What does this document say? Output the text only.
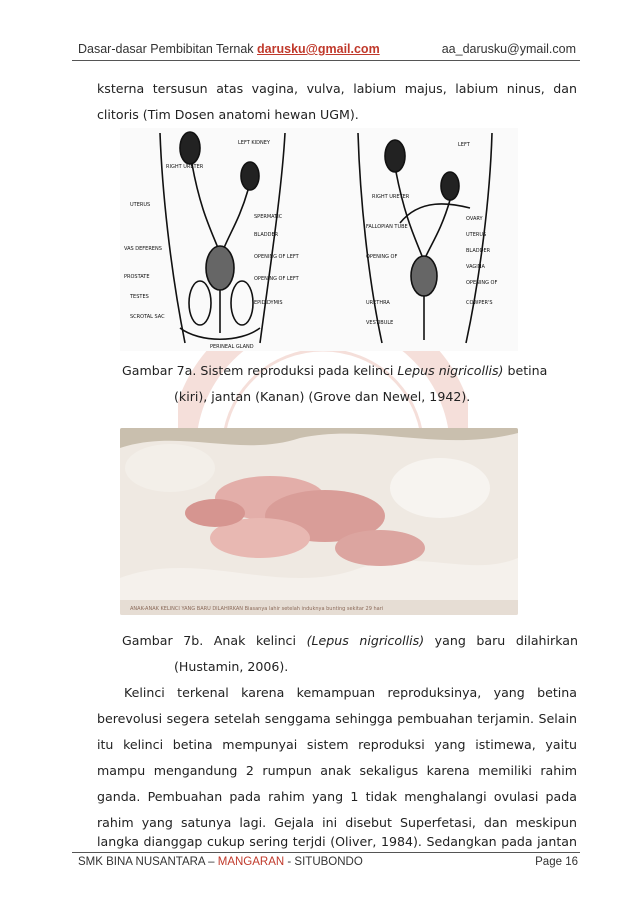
Dasar-dasar Pembibitan Ternak darusku@gmail.com	aa_darusku@ymail.com
ksterna tersusun atas vagina, vulva, labium majus, labium ninus, dan
clitoris (Tim Dosen anatomi hewan UGM).
RIGHT URETER
UTERUS
VAS DEFERENS
PROSTATE
TESTES
SCROTAL SAC
LEFT KIDNEY
SPERMATIC
BLADDER
OPENING OF LEFT
OPENING OF LEFT
EPIDIDYMIS
PERINEAL GLAND
RIGHT URETER
FALLOPIAN TUBE
OPENING OF
URETHRA
VESTIBULE
LEFT
OVARY
UTERUS
BLADDER
VAGINA
OPENING OF
COWPER'S
Gambar 7a. Sistem reproduksi pada kelinci Lepus nigricollis) betina
(kiri), jantan (Kanan) (Grove dan Newel, 1942).
ANAK-ANAK KELINCI YANG BARU DILAHIRKAN Biasanya lahir setelah induknya bunting sekitar 29 hari
Gambar 7b. Anak kelinci (Lepus nigricollis) yang baru dilahirkan
(Hustamin, 2006).
Kelinci terkenal karena kemampuan reproduksinya, yang betina
berevolusi segera setelah senggama sehingga pembuahan terjamin. Selain
itu kelinci betina mempunyai sistem reproduksi yang istimewa, yaitu
mampu mengandung 2 rumpun anak sekaligus karena memiliki rahim
ganda. Pembuahan pada rahim yang 1 tidak menghalangi ovulasi pada
rahim yang satunya lagi. Gejala ini disebut Superfetasi, dan meskipun
langka dianggap cukup sering terjdi (Oliver, 1984). Sedangkan pada jantan
SMK BINA NUSANTARA – MANGARAN - SITUBONDO	Page 16
